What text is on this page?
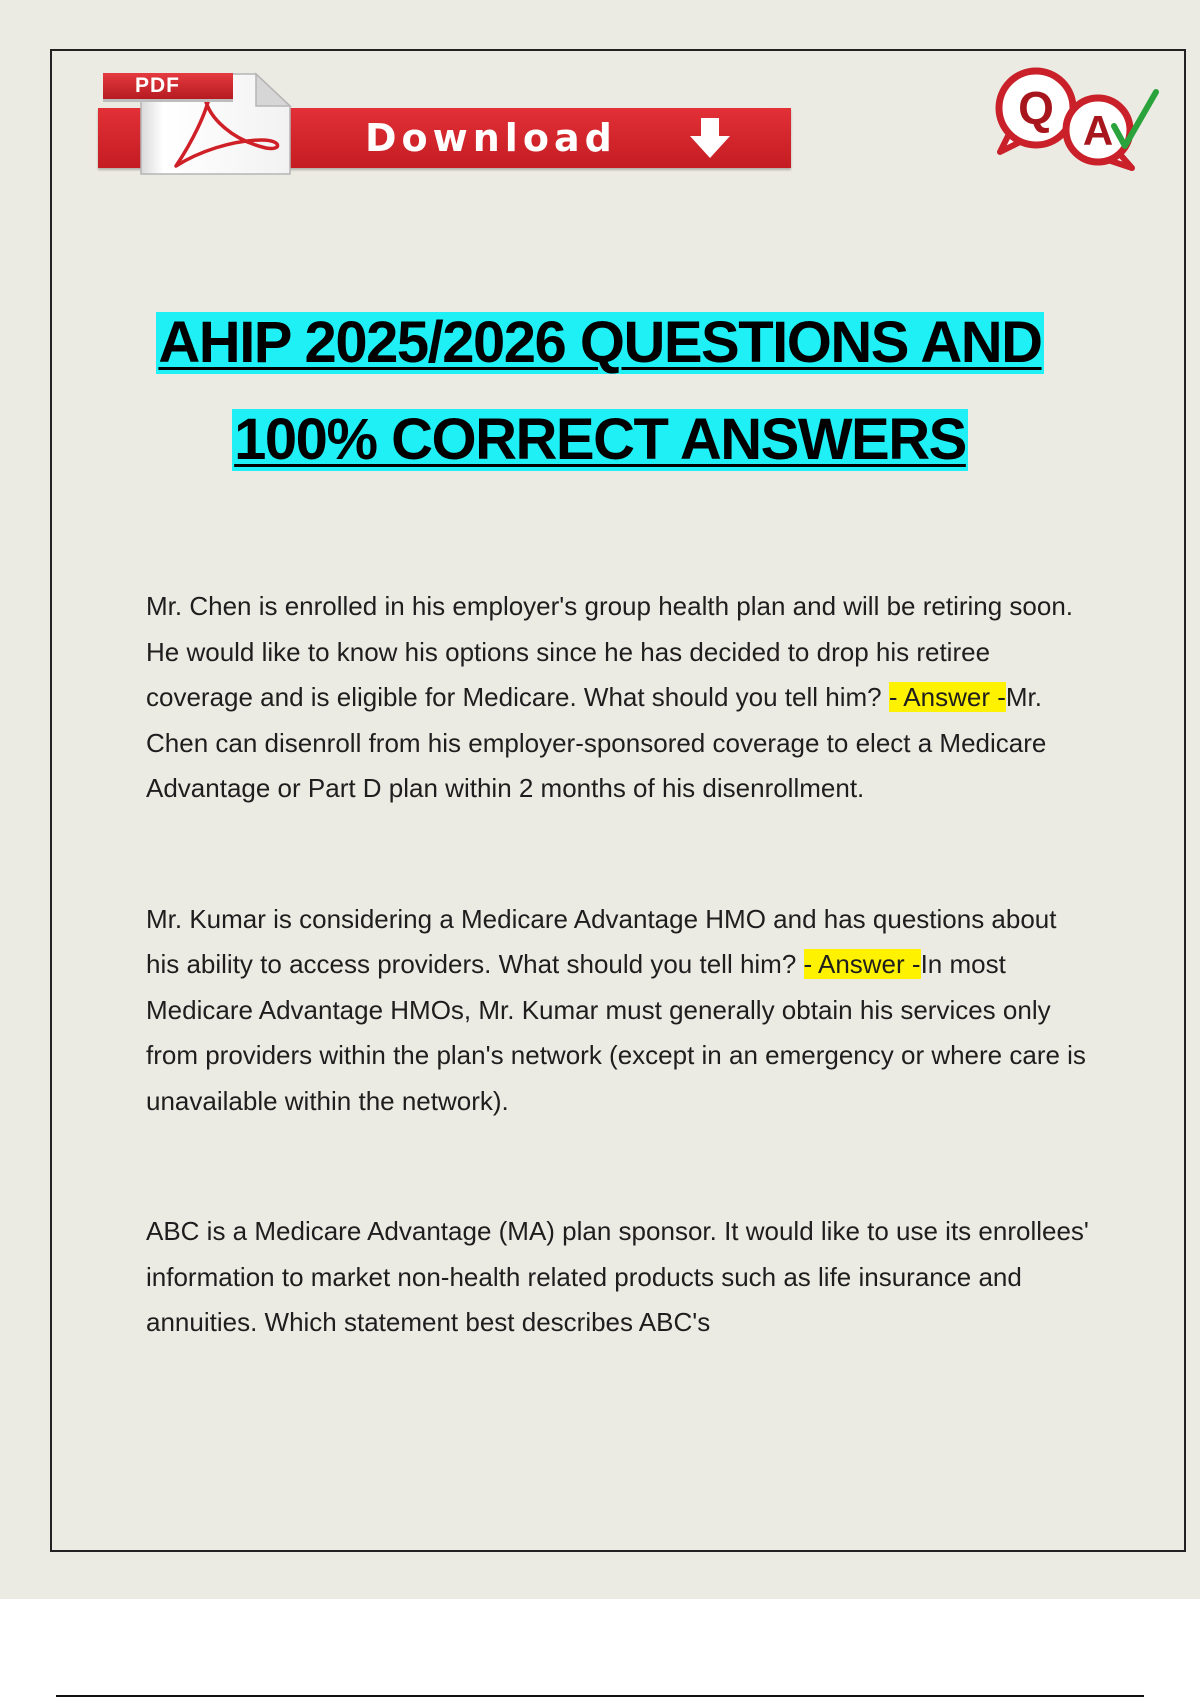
Download
PDF	Q A
AHIP 2025/2026 QUESTIONS AND
100% CORRECT ANSWERS

Mr. Chen is enrolled in his employer's group health plan and will be retiring soon. He would like to know his options since he has decided to drop his retiree coverage and is eligible for Medicare. What should you tell him? - Answer -Mr. Chen can disenroll from his employer-sponsored coverage to elect a Medicare Advantage or Part D plan within 2 months of his disenrollment.

Mr. Kumar is considering a Medicare Advantage HMO and has questions about his ability to access providers. What should you tell him? - Answer -In most Medicare Advantage HMOs, Mr. Kumar must generally obtain his services only from providers within the plan's network (except in an emergency or where care is unavailable within the network).

ABC is a Medicare Advantage (MA) plan sponsor. It would like to use its enrollees' information to market non-health related products such as life insurance and annuities. Which statement best describes ABC's
